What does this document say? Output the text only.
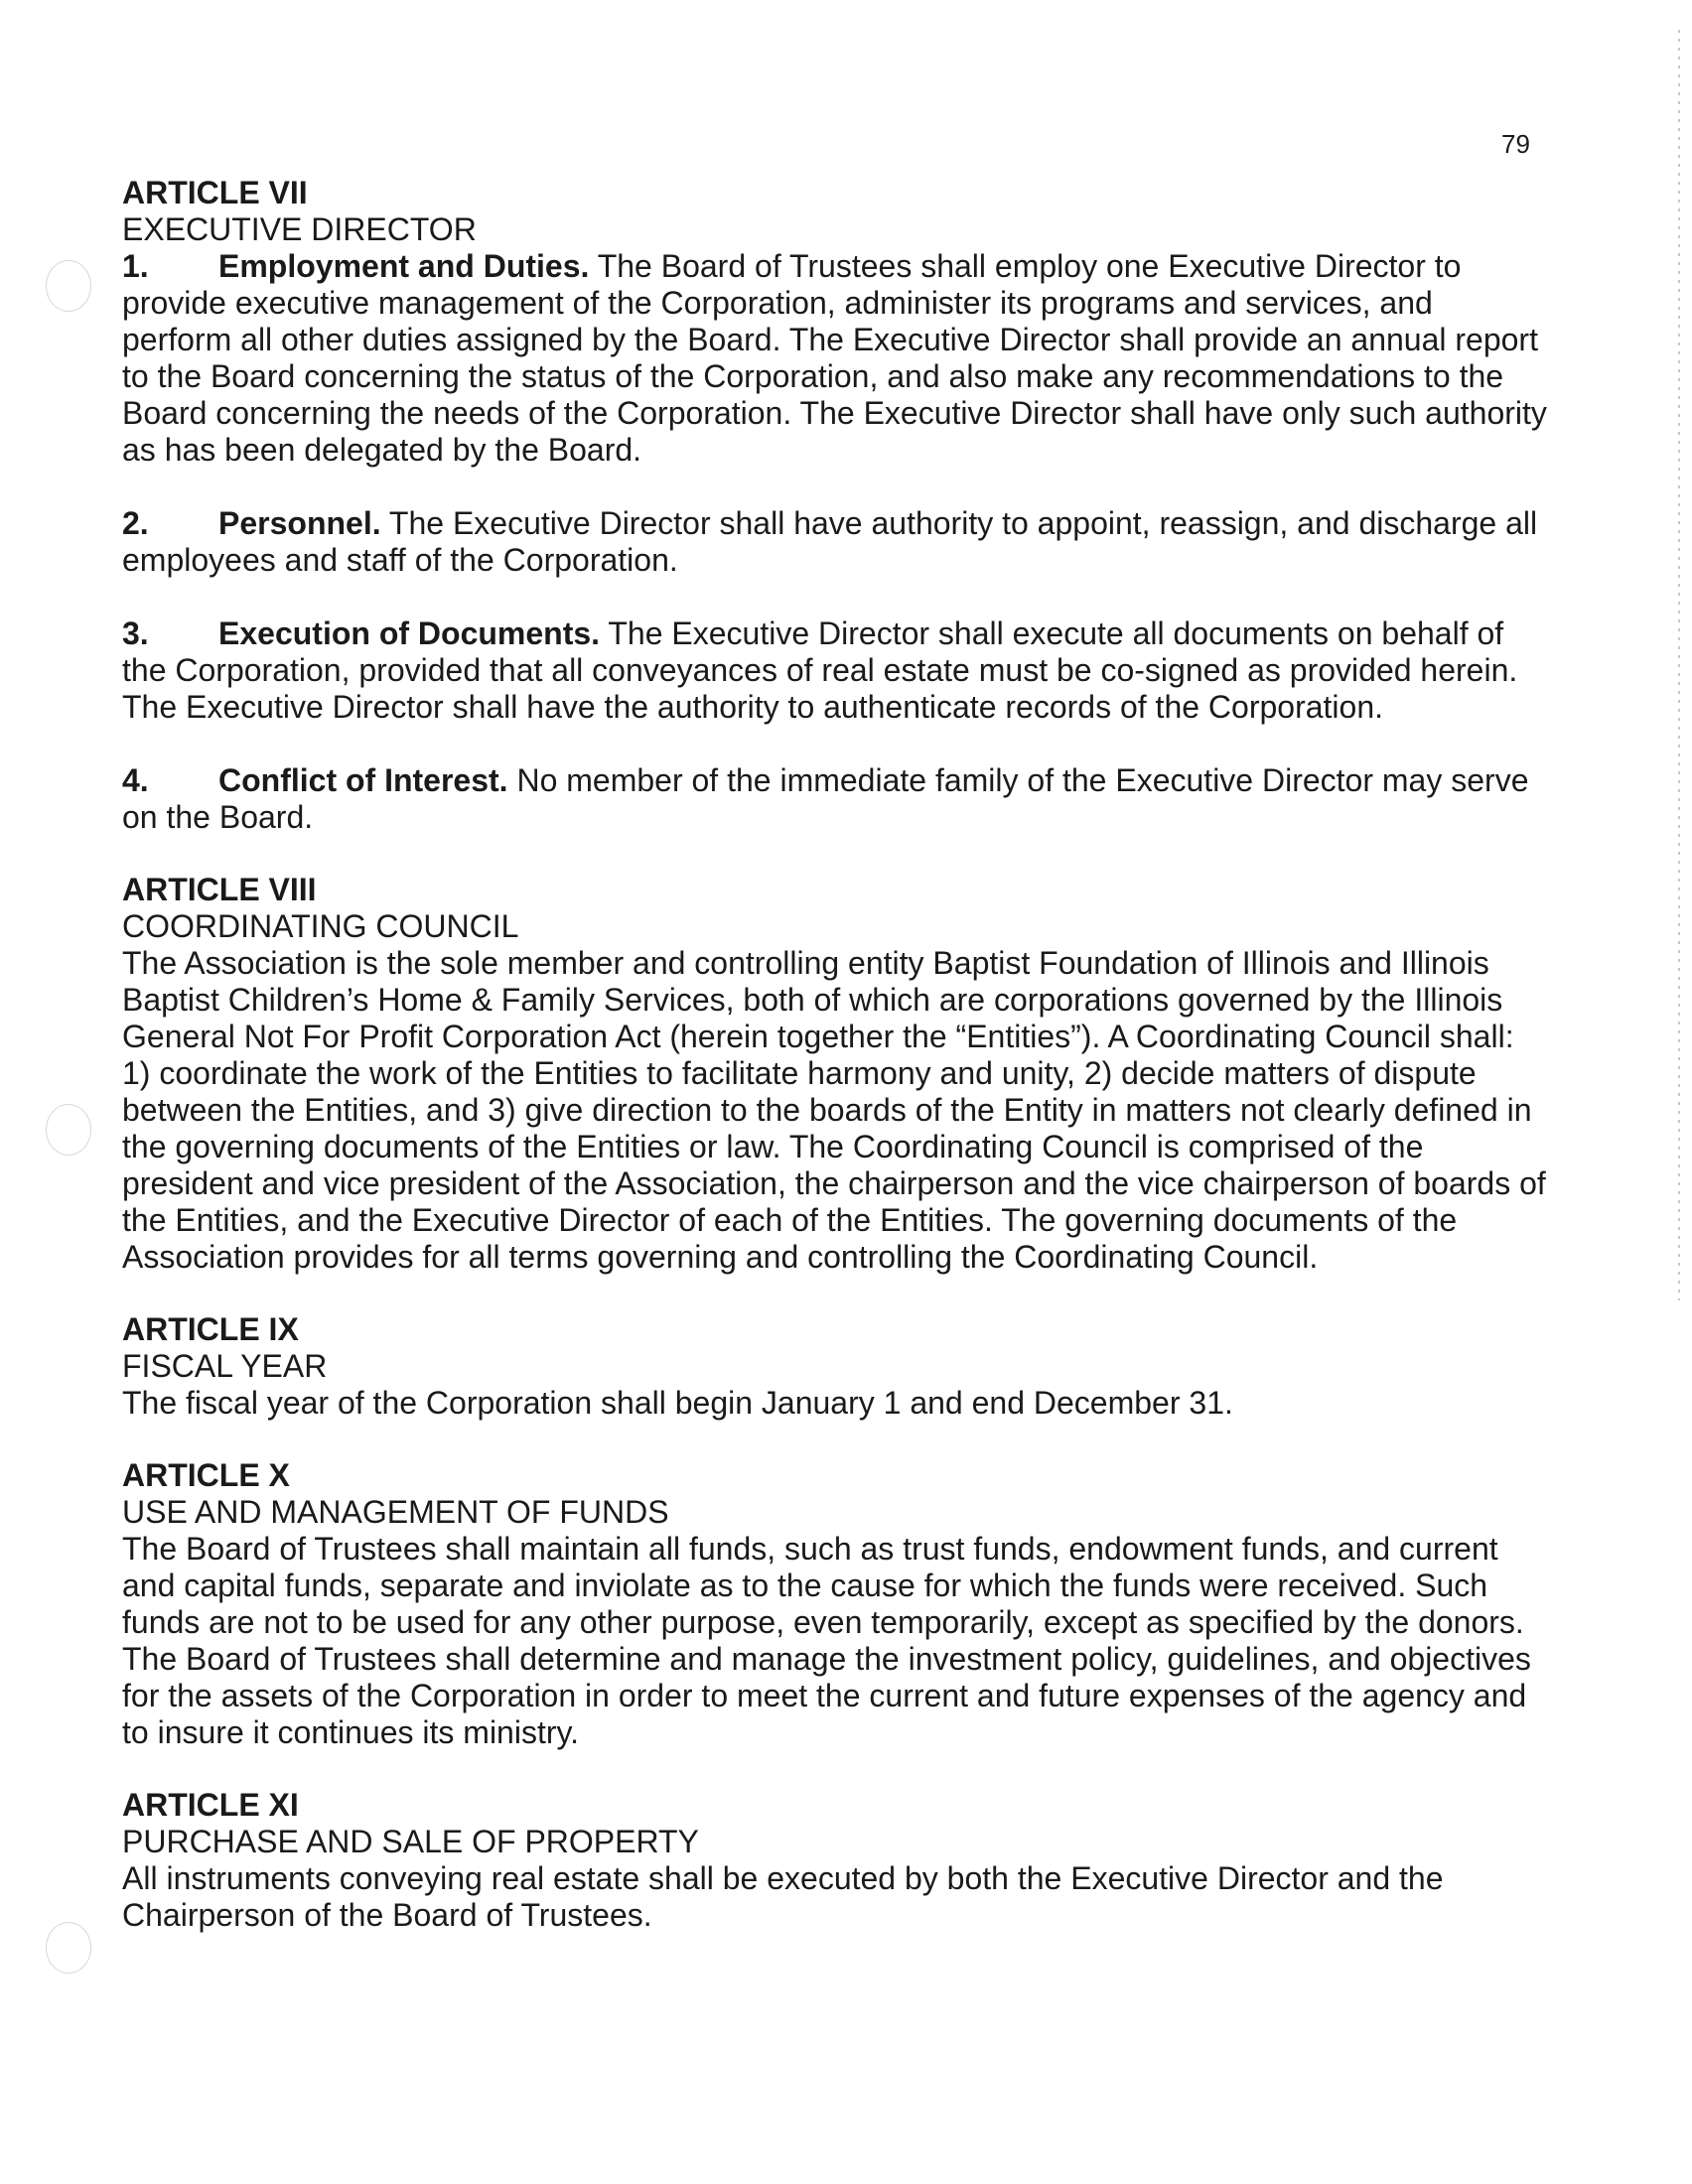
79

ARTICLE VII

EXECUTIVE DIRECTOR

1. Employment and Duties. The Board of Trustees shall employ one Executive Director to provide executive management of the Corporation, administer its programs and services, and perform all other duties assigned by the Board. The Executive Director shall provide an annual report to the Board concerning the status of the Corporation, and also make any recommendations to the Board concerning the needs of the Corporation. The Executive Director shall have only such authority as has been delegated by the Board.

2. Personnel. The Executive Director shall have authority to appoint, reassign, and discharge all employees and staff of the Corporation.

3. Execution of Documents. The Executive Director shall execute all documents on behalf of the Corporation, provided that all conveyances of real estate must be co-signed as provided herein. The Executive Director shall have the authority to authenticate records of the Corporation.

4. Conflict of Interest. No member of the immediate family of the Executive Director may serve on the Board.

ARTICLE VIII

COORDINATING COUNCIL

The Association is the sole member and controlling entity Baptist Foundation of Illinois and Illinois Baptist Children’s Home & Family Services, both of which are corporations governed by the Illinois General Not For Profit Corporation Act (herein together the “Entities”). A Coordinating Council shall: 1) coordinate the work of the Entities to facilitate harmony and unity, 2) decide matters of dispute between the Entities, and 3) give direction to the boards of the Entity in matters not clearly defined in the governing documents of the Entities or law. The Coordinating Council is comprised of the president and vice president of the Association, the chairperson and the vice chairperson of boards of the Entities, and the Executive Director of each of the Entities. The governing documents of the Association provides for all terms governing and controlling the Coordinating Council.

ARTICLE IX

FISCAL YEAR

The fiscal year of the Corporation shall begin January 1 and end December 31.

ARTICLE X

USE AND MANAGEMENT OF FUNDS

The Board of Trustees shall maintain all funds, such as trust funds, endowment funds, and current and capital funds, separate and inviolate as to the cause for which the funds were received. Such funds are not to be used for any other purpose, even temporarily, except as specified by the donors. The Board of Trustees shall determine and manage the investment policy, guidelines, and objectives for the assets of the Corporation in order to meet the current and future expenses of the agency and to insure it continues its ministry.

ARTICLE XI

PURCHASE AND SALE OF PROPERTY

All instruments conveying real estate shall be executed by both the Executive Director and the Chairperson of the Board of Trustees.
